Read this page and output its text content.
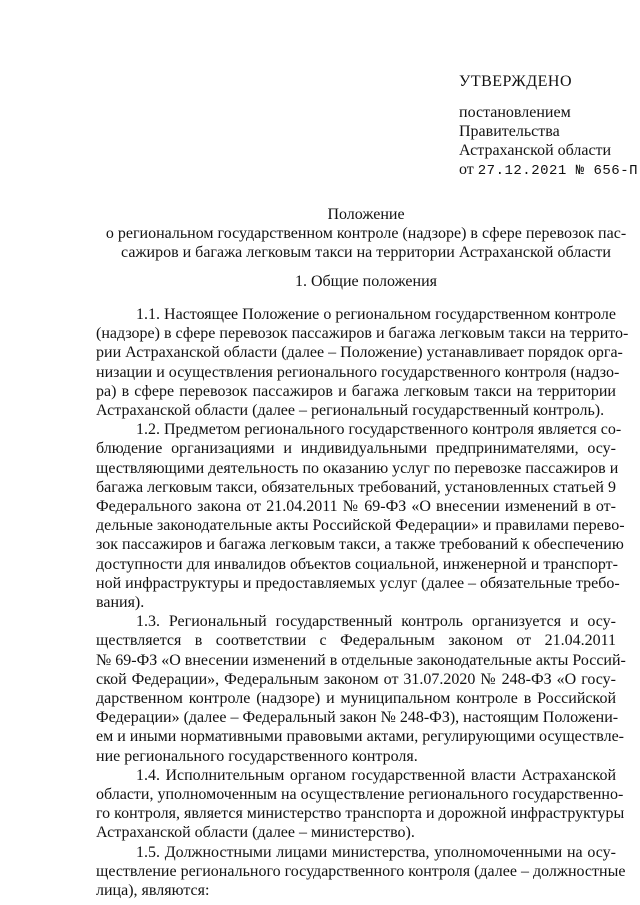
УТВЕРЖДЕНО
постановлением
Правительства
Астраханской области
от 27.12.2021 № 656-П
Положение
о региональном государственном контроле (надзоре) в сфере перевозок пас-
сажиров и багажа легковым такси на территории Астраханской области
1. Общие положения
1.1. Настоящее Положение о региональном государственном контроле
(надзоре) в сфере перевозок пассажиров и багажа легковым такси на террито-
рии Астраханской области (далее – Положение) устанавливает порядок орга-
низации и осуществления регионального государственного контроля (надзо-
ра) в сфере перевозок пассажиров и багажа легковым такси на территории
Астраханской области (далее – региональный государственный контроль).
1.2. Предметом регионального государственного контроля является со-
блюдение организациями и индивидуальными предпринимателями, осу-
ществляющими деятельность по оказанию услуг по перевозке пассажиров и
багажа легковым такси, обязательных требований, установленных статьей 9
Федерального закона от 21.04.2011 № 69-ФЗ «О внесении изменений в от-
дельные законодательные акты Российской Федерации» и правилами перево-
зок пассажиров и багажа легковым такси, а также требований к обеспечению
доступности для инвалидов объектов социальной, инженерной и транспорт-
ной инфраструктуры и предоставляемых услуг (далее – обязательные требо-
вания).
1.3. Региональный государственный контроль организуется и осу-
ществляется в соответствии с Федеральным законом от 21.04.2011
№ 69-ФЗ «О внесении изменений в отдельные законодательные акты Россий-
ской Федерации», Федеральным законом от 31.07.2020 № 248-ФЗ «О госу-
дарственном контроле (надзоре) и муниципальном контроле в Российской
Федерации» (далее – Федеральный закон № 248-ФЗ), настоящим Положени-
ем и иными нормативными правовыми актами, регулирующими осуществле-
ние регионального государственного контроля.
1.4. Исполнительным органом государственной власти Астраханской
области, уполномоченным на осуществление регионального государственно-
го контроля, является министерство транспорта и дорожной инфраструктуры
Астраханской области (далее – министерство).
1.5. Должностными лицами министерства, уполномоченными на осу-
ществление регионального государственного контроля (далее – должностные
лица), являются:
